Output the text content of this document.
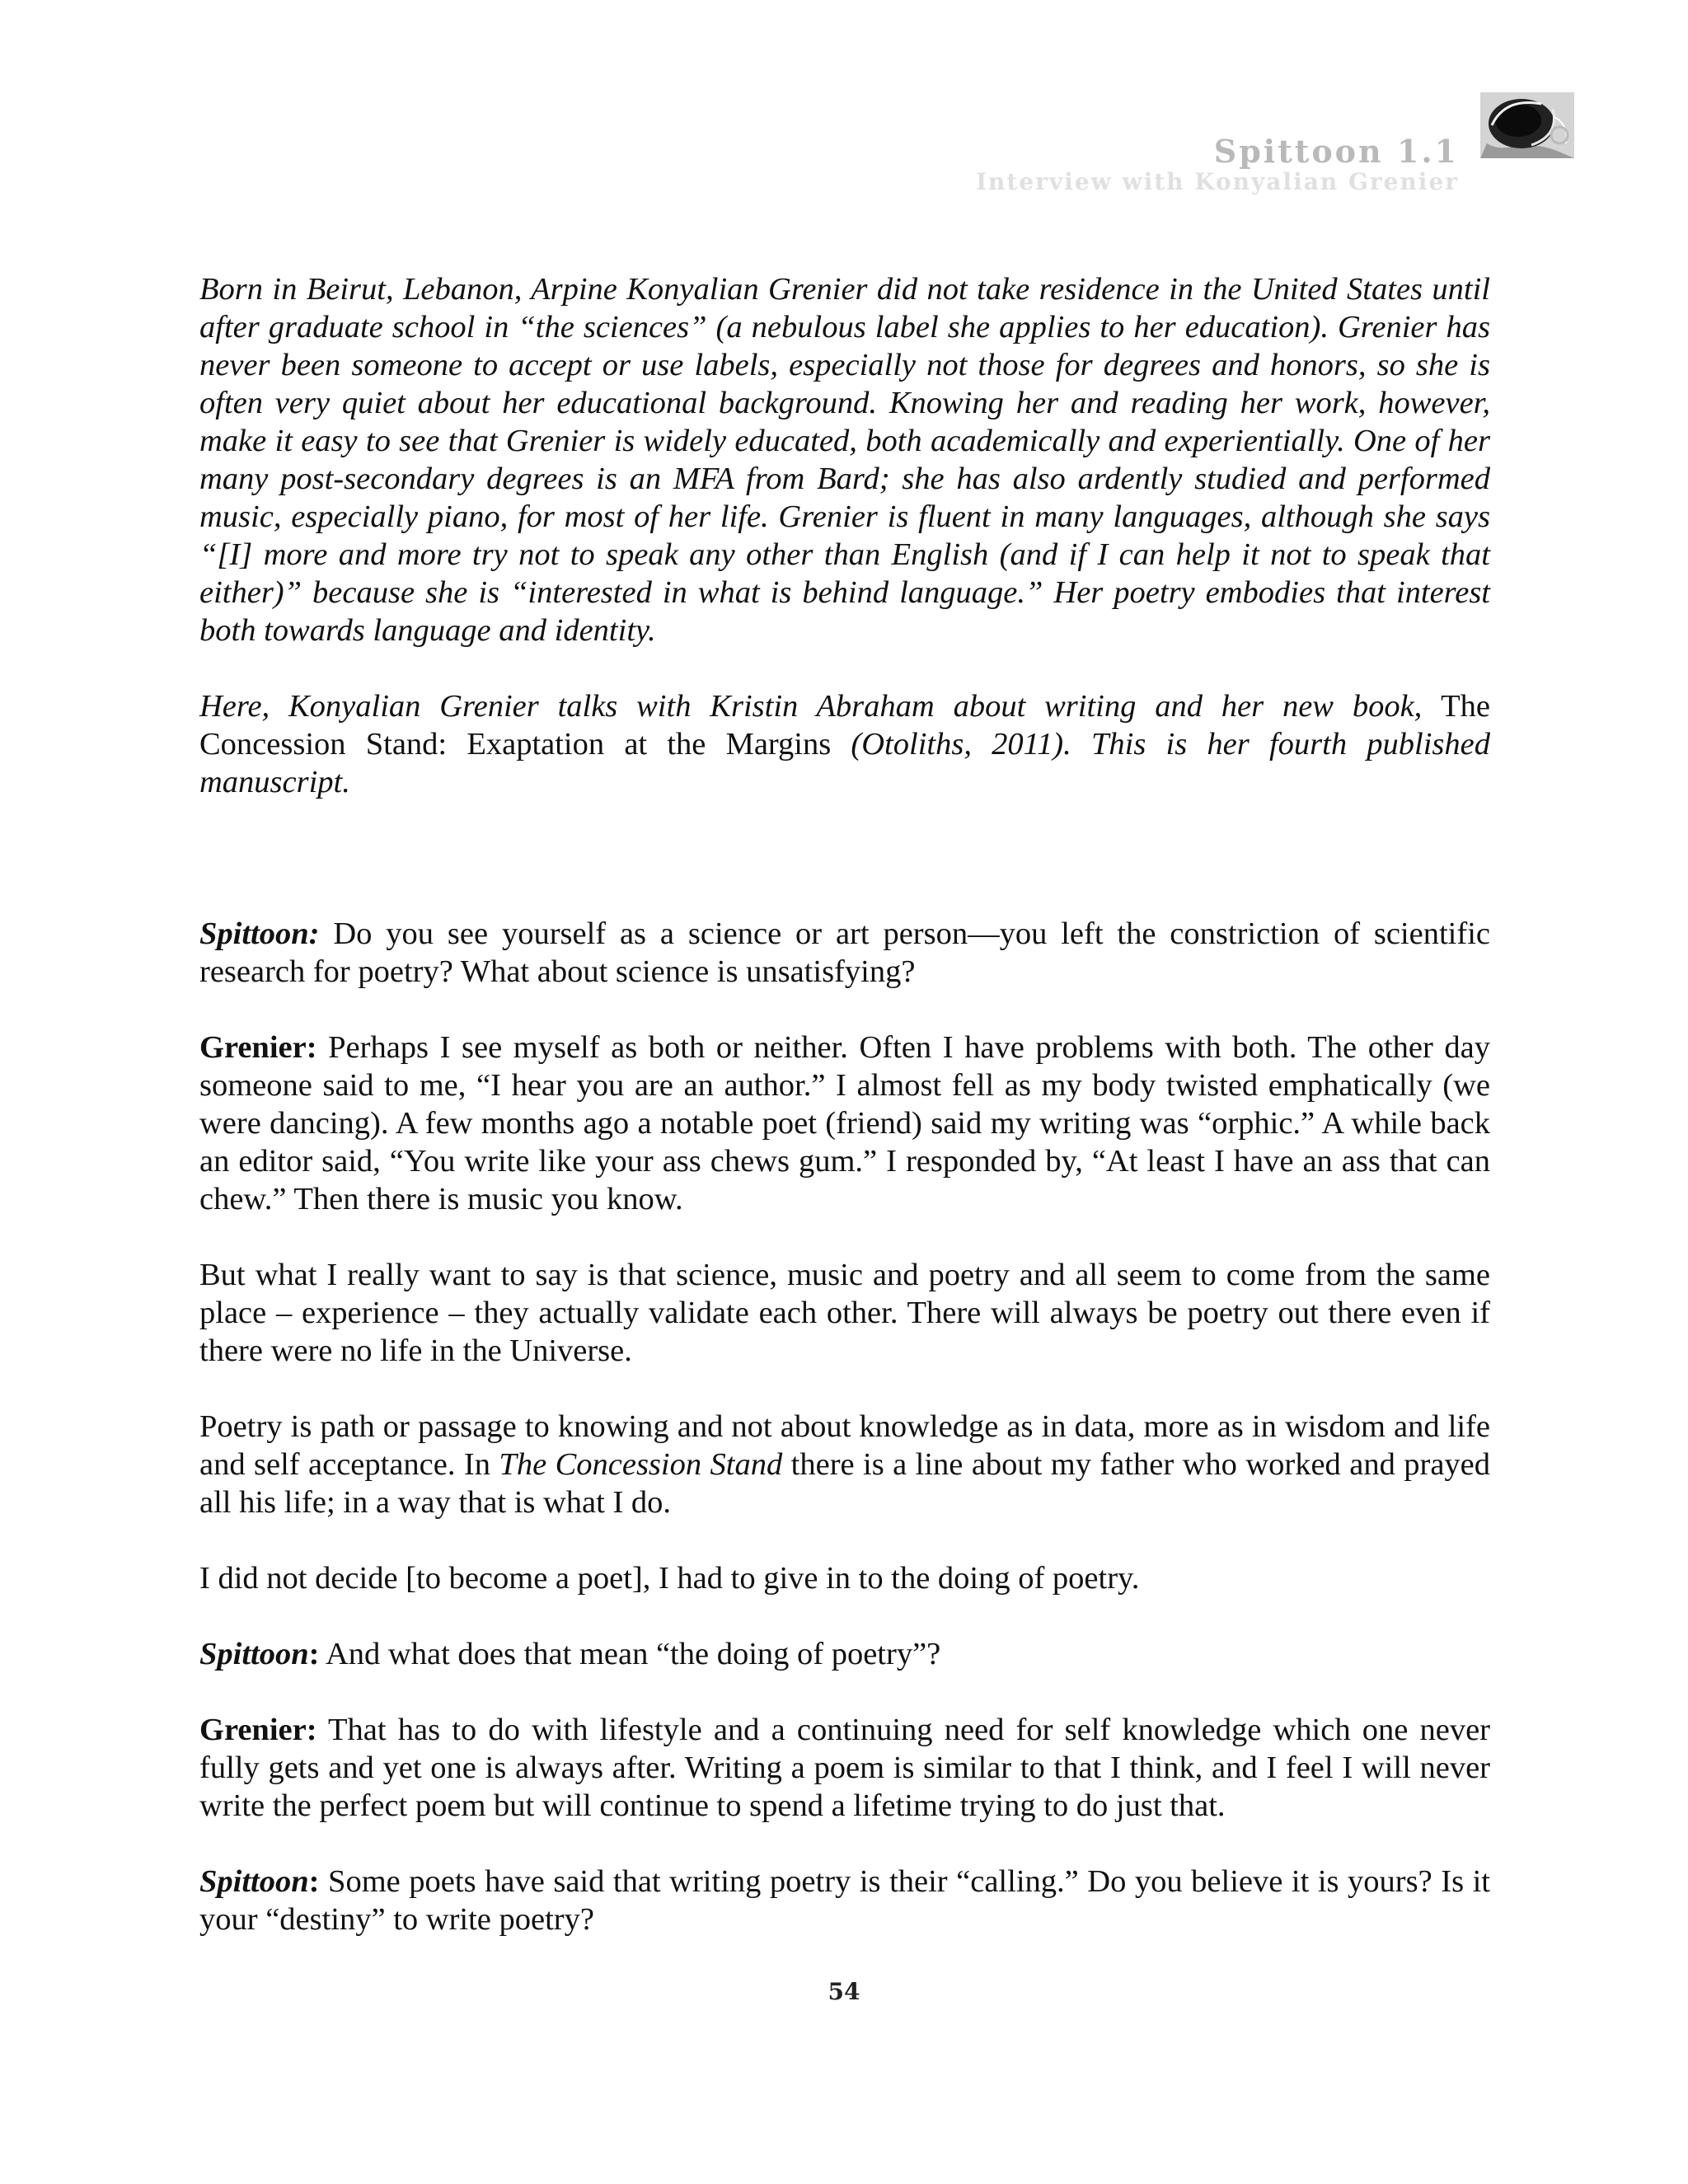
Spittoon 1.1
Interview with Konyalian Grenier

Born in Beirut, Lebanon, Arpine Konyalian Grenier did not take residence in the United States until after graduate school in “the sciences” (a nebulous label she applies to her education). Grenier has never been someone to accept or use labels, especially not those for degrees and honors, so she is often very quiet about her educational background. Knowing her and reading her work, however, make it easy to see that Grenier is widely educated, both academically and experientially. One of her many post-secondary degrees is an MFA from Bard; she has also ardently studied and performed music, especially piano, for most of her life. Grenier is fluent in many languages, although she says “[I] more and more try not to speak any other than English (and if I can help it not to speak that either)” because she is “interested in what is behind language.” Her poetry embodies that interest both towards language and identity.

Here, Konyalian Grenier talks with Kristin Abraham about writing and her new book, The Concession Stand: Exaptation at the Margins (Otoliths, 2011). This is her fourth published manuscript.

Spittoon: Do you see yourself as a science or art person—you left the constriction of scientific research for poetry? What about science is unsatisfying?

Grenier: Perhaps I see myself as both or neither. Often I have problems with both. The other day someone said to me, “I hear you are an author.” I almost fell as my body twisted emphatically (we were dancing). A few months ago a notable poet (friend) said my writing was “orphic.” A while back an editor said, “You write like your ass chews gum.” I responded by, “At least I have an ass that can chew.” Then there is music you know.

But what I really want to say is that science, music and poetry and all seem to come from the same place – experience – they actually validate each other. There will always be poetry out there even if there were no life in the Universe.

Poetry is path or passage to knowing and not about knowledge as in data, more as in wisdom and life and self acceptance. In The Concession Stand there is a line about my father who worked and prayed all his life; in a way that is what I do.

I did not decide [to become a poet], I had to give in to the doing of poetry.

Spittoon: And what does that mean “the doing of poetry”?

Grenier: That has to do with lifestyle and a continuing need for self knowledge which one never fully gets and yet one is always after. Writing a poem is similar to that I think, and I feel I will never write the perfect poem but will continue to spend a lifetime trying to do just that.

Spittoon: Some poets have said that writing poetry is their “calling.” Do you believe it is yours? Is it your “destiny” to write poetry?

54
